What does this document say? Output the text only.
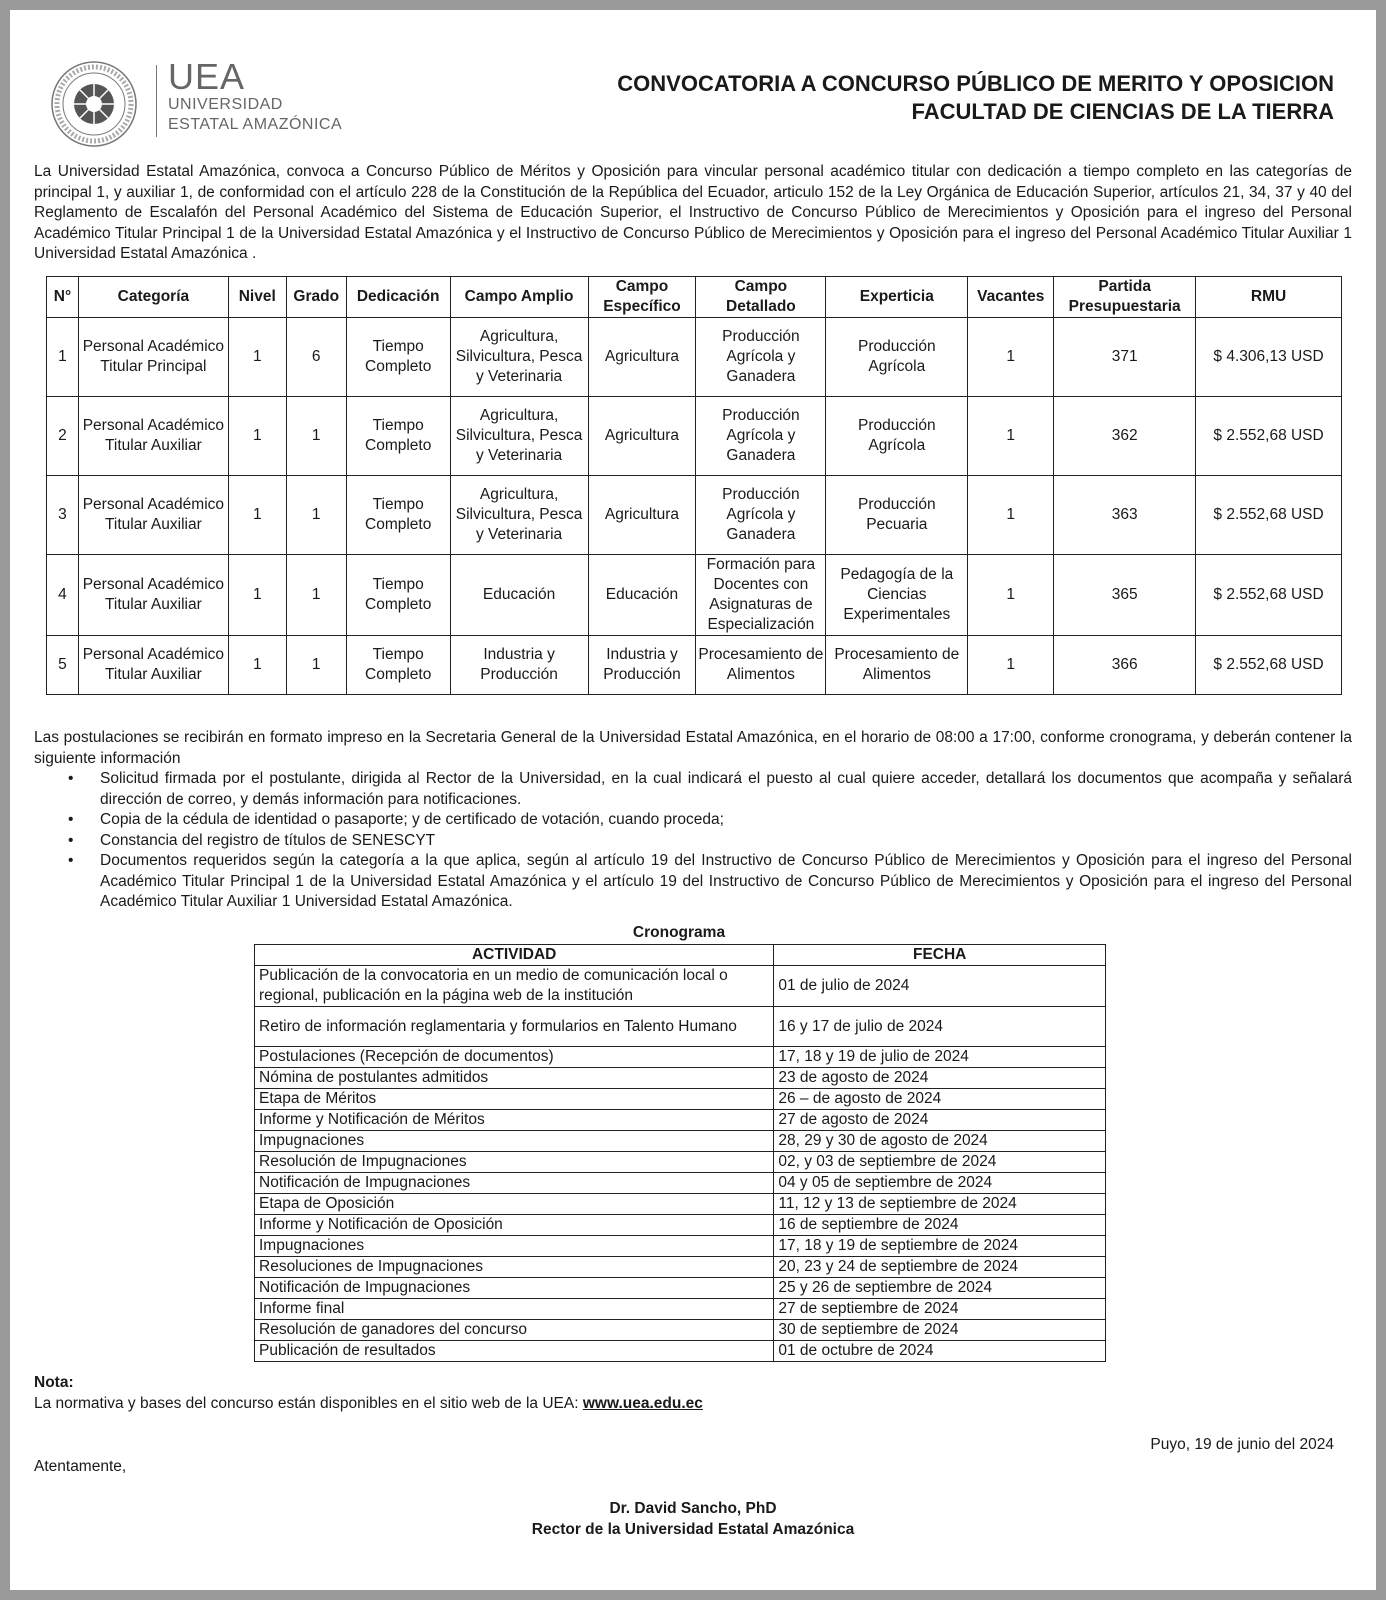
UEA
UNIVERSIDAD
ESTATAL AMAZÓNICA
CONVOCATORIA A CONCURSO PÚBLICO DE MERITO Y OPOSICION
FACULTAD DE CIENCIAS DE LA TIERRA

La Universidad Estatal Amazónica, convoca a Concurso Público de Méritos y Oposición para vincular personal académico titular con dedicación a tiempo completo en las categorías de principal 1, y auxiliar 1, de conformidad con el artículo 228 de la Constitución de la República del Ecuador, articulo 152 de la Ley Orgánica de Educación Superior, artículos 21, 34, 37 y 40 del Reglamento de Escalafón del Personal Académico del Sistema de Educación Superior, el Instructivo de Concurso Público de Merecimientos y Oposición para el ingreso del Personal Académico Titular Principal 1 de la Universidad Estatal Amazónica y el Instructivo de Concurso Público de Merecimientos y Oposición para el ingreso del Personal Académico Titular Auxiliar 1 Universidad Estatal Amazónica .

N°	Categoría	Nivel	Grado	Dedicación	Campo Amplio	Campo Específico	Campo Detallado	Experticia	Vacantes	Partida Presupuestaria	RMU
1	Personal Académico Titular Principal	1	6	Tiempo Completo	Agricultura, Silvicultura, Pesca y Veterinaria	Agricultura	Producción Agrícola y Ganadera	Producción Agrícola	1	371	$ 4.306,13 USD
2	Personal Académico Titular Auxiliar	1	1	Tiempo Completo	Agricultura, Silvicultura, Pesca y Veterinaria	Agricultura	Producción Agrícola y Ganadera	Producción Agrícola	1	362	$ 2.552,68 USD
3	Personal Académico Titular Auxiliar	1	1	Tiempo Completo	Agricultura, Silvicultura, Pesca y Veterinaria	Agricultura	Producción Agrícola y Ganadera	Producción Pecuaria	1	363	$ 2.552,68 USD
4	Personal Académico Titular Auxiliar	1	1	Tiempo Completo	Educación	Educación	Formación para Docentes con Asignaturas de Especialización	Pedagogía de la Ciencias Experimentales	1	365	$ 2.552,68 USD
5	Personal Académico Titular Auxiliar	1	1	Tiempo Completo	Industria y Producción	Industria y Producción	Procesamiento de Alimentos	Procesamiento de Alimentos	1	366	$ 2.552,68 USD
Las postulaciones se recibirán en formato impreso en la Secretaria General de la Universidad Estatal Amazónica, en el horario de 08:00 a 17:00, conforme cronograma, y deberán contener la siguiente información
• Solicitud firmada por el postulante, dirigida al Rector de la Universidad, en la cual indicará el puesto al cual quiere acceder, detallará los documentos que acompaña y señalará dirección de correo, y demás información para notificaciones.
• Copia de la cédula de identidad o pasaporte; y de certificado de votación, cuando proceda;
• Constancia del registro de títulos de SENESCYT
• Documentos requeridos según la categoría a la que aplica, según al artículo 19 del Instructivo de Concurso Público de Merecimientos y Oposición para el ingreso del Personal Académico Titular Principal 1 de la Universidad Estatal Amazónica y el artículo 19 del Instructivo de Concurso Público de Merecimientos y Oposición para el ingreso del Personal Académico Titular Auxiliar 1 Universidad Estatal Amazónica.
Cronograma
ACTIVIDAD	FECHA
Publicación de la convocatoria en un medio de comunicación local o regional, publicación en la página web de la institución	01 de julio de 2024
Retiro de información reglamentaria y formularios en Talento Humano	16 y 17 de julio de 2024
Postulaciones (Recepción de documentos)	17, 18 y 19 de julio de 2024
Nómina de postulantes admitidos	23 de agosto de 2024
Etapa de Méritos	26 – de agosto de 2024
Informe y Notificación de Méritos	27 de agosto de 2024
Impugnaciones	28, 29 y 30 de agosto de 2024
Resolución de Impugnaciones	02, y 03 de septiembre de 2024
Notificación de Impugnaciones	04 y 05 de septiembre de 2024
Etapa de Oposición	11, 12 y 13 de septiembre de 2024
Informe y Notificación de Oposición	16 de septiembre de 2024
Impugnaciones	17, 18 y 19 de septiembre de 2024
Resoluciones de Impugnaciones	20, 23 y 24 de septiembre de 2024
Notificación de Impugnaciones	25 y 26 de septiembre de 2024
Informe final	27 de septiembre de 2024
Resolución de ganadores del concurso	30 de septiembre de 2024
Publicación de resultados	01 de octubre de 2024
Nota:
La normativa y bases del concurso están disponibles en el sitio web de la UEA: www.uea.edu.ec
Puyo, 19 de junio del 2024
Atentamente,
Dr. David Sancho, PhD
Rector de la Universidad Estatal Amazónica
